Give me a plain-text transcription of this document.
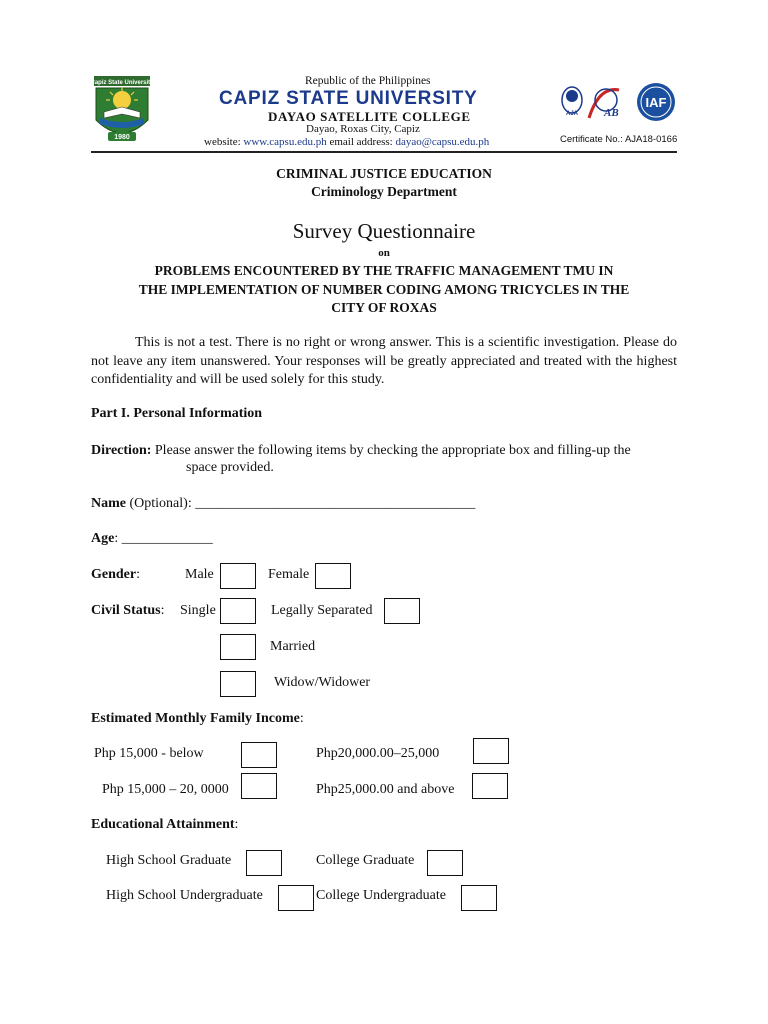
Capiz State University
1980
Republic of the Philippines
CAPIZ STATE UNIVERSITY
DAYAO SATELLITE COLLEGE
Dayao, Roxas City, Capiz
website: www.capsu.edu.ph email address: dayao@capsu.edu.ph
AJA AB
IAF
Certificate No.: AJA18-0166
CRIMINAL JUSTICE EDUCATION
Criminology Department
Survey Questionnaire
on
PROBLEMS ENCOUNTERED BY THE TRAFFIC MANAGEMENT TMU IN
THE IMPLEMENTATION OF NUMBER CODING AMONG TRICYCLES IN THE
CITY OF ROXAS
This is not a test. There is no right or wrong answer. This is a scientific investigation. Please do not leave any item unanswered. Your responses will be greatly appreciated and treated with the highest confidentiality and will be used solely for this study.
Part I. Personal Information
Direction: Please answer the following items by checking the appropriate box and filling-up the
space provided.
Name (Optional): ________________________________________
Age: _____________
Gender:	Male	Female
Civil Status: Single	Legally Separated
Married
Widow/Widower
Estimated Monthly Family Income:
Php 15,000 - below	Php20,000.00–25,000
Php 15,000 – 20, 0000	Php25,000.00 and above
Educational Attainment:
High School Graduate	College Graduate
High School Undergraduate	College Undergraduate
